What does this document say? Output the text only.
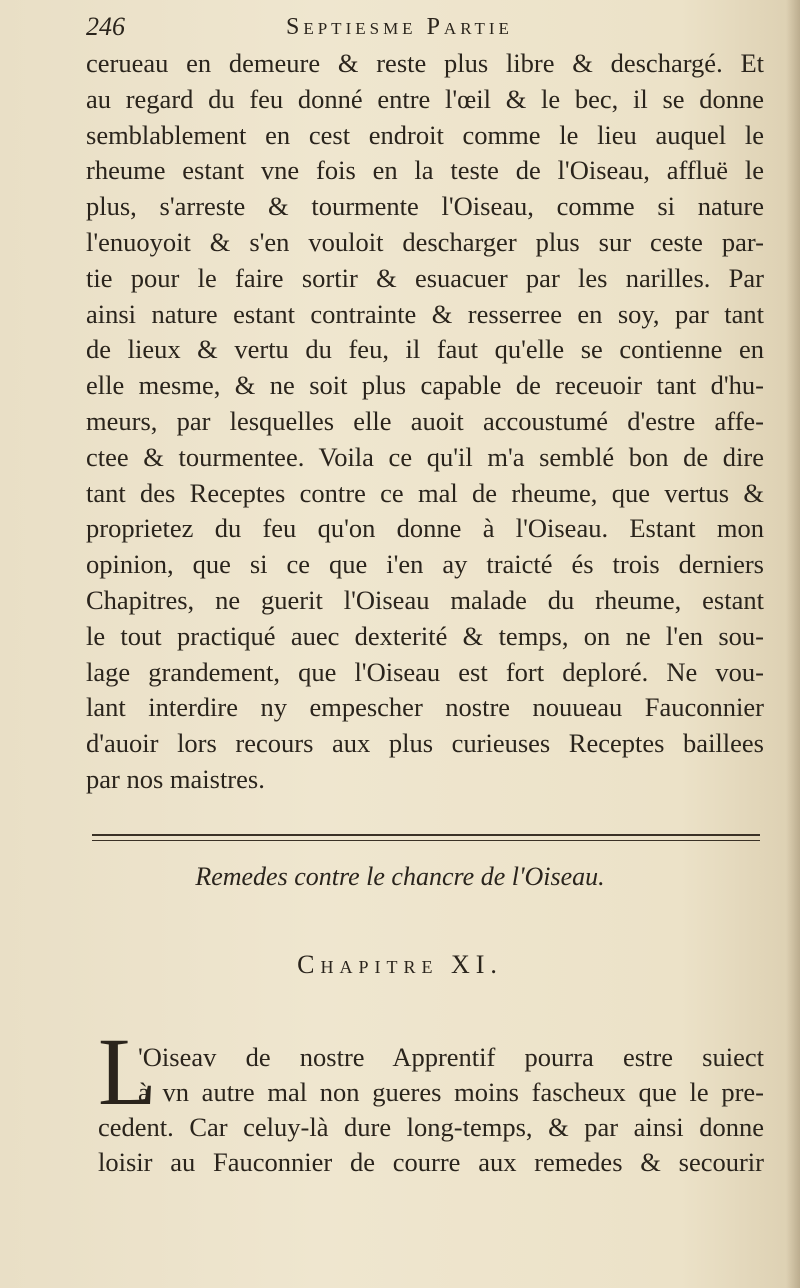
246	Septiesme Partie
cerueau en demeure & reste plus libre & deschargé. Et
au regard du feu donné entre l'œil & le bec, il se donne
semblablement en cest endroit comme le lieu auquel le
rheume estant vne fois en la teste de l'Oiseau, affluë le
plus, s'arreste & tourmente l'Oiseau, comme si nature
l'enuoyoit & s'en vouloit descharger plus sur ceste par-
tie pour le faire sortir & esuacuer par les narilles. Par
ainsi nature estant contrainte & resserree en soy, par tant
de lieux & vertu du feu, il faut qu'elle se contienne en
elle mesme, & ne soit plus capable de receuoir tant d'hu-
meurs, par lesquelles elle auoit accoustumé d'estre affe-
ctee & tourmentee. Voila ce qu'il m'a semblé bon de dire
tant des Receptes contre ce mal de rheume, que vertus &
proprietez du feu qu'on donne à l'Oiseau. Estant mon
opinion, que si ce que i'en ay traicté és trois derniers
Chapitres, ne guerit l'Oiseau malade du rheume, estant
le tout practiqué auec dexterité & temps, on ne l'en sou-
lage grandement, que l'Oiseau est fort deploré. Ne vou-
lant interdire ny empescher nostre nouueau Fauconnier
d'auoir lors recours aux plus curieuses Receptes baillees
par nos maistres.
Remedes contre le chancre de l'Oiseau.
Chapitre XI.
L
'Oiseav de nostre Apprentif pourra estre suiect
à vn autre mal non gueres moins fascheux que le pre-
cedent. Car celuy-là dure long-temps, & par ainsi donne
loisir au Fauconnier de courre aux remedes & secourir
